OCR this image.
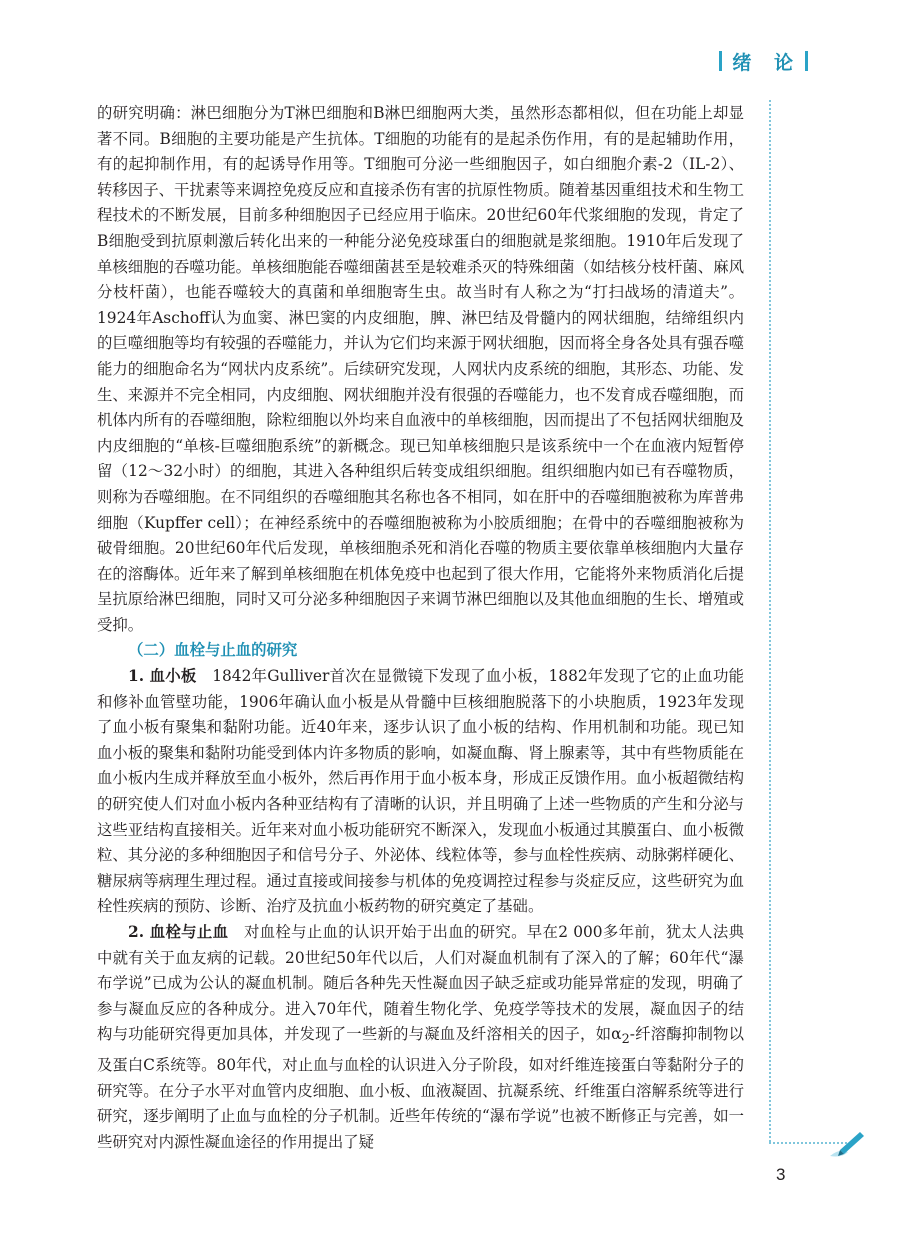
绪 论

的研究明确：淋巴细胞分为T淋巴细胞和B淋巴细胞两大类，虽然形态都相似，但在功能上却显著不同。B细胞的主要功能是产生抗体。T细胞的功能有的是起杀伤作用，有的是起辅助作用，有的起抑制作用，有的起诱导作用等。T细胞可分泌一些细胞因子，如白细胞介素-2（IL-2）、转移因子、干扰素等来调控免疫反应和直接杀伤有害的抗原性物质。随着基因重组技术和生物工程技术的不断发展，目前多种细胞因子已经应用于临床。20世纪60年代浆细胞的发现，肯定了B细胞受到抗原刺激后转化出来的一种能分泌免疫球蛋白的细胞就是浆细胞。1910年后发现了单核细胞的吞噬功能。单核细胞能吞噬细菌甚至是较难杀灭的特殊细菌（如结核分枝杆菌、麻风分枝杆菌），也能吞噬较大的真菌和单细胞寄生虫。故当时有人称之为“打扫战场的清道夫”。1924年Aschoff认为血窦、淋巴窦的内皮细胞，脾、淋巴结及骨髓内的网状细胞，结缔组织内的巨噬细胞等均有较强的吞噬能力，并认为它们均来源于网状细胞，因而将全身各处具有强吞噬能力的细胞命名为“网状内皮系统”。后续研究发现，人网状内皮系统的细胞，其形态、功能、发生、来源并不完全相同，内皮细胞、网状细胞并没有很强的吞噬能力，也不发育成吞噬细胞，而机体内所有的吞噬细胞，除粒细胞以外均来自血液中的单核细胞，因而提出了不包括网状细胞及内皮细胞的“单核-巨噬细胞系统”的新概念。现已知单核细胞只是该系统中一个在血液内短暂停留（12～32小时）的细胞，其进入各种组织后转变成组织细胞。组织细胞内如已有吞噬物质，则称为吞噬细胞。在不同组织的吞噬细胞其名称也各不相同，如在肝中的吞噬细胞被称为库普弗细胞（Kupffer cell）；在神经系统中的吞噬细胞被称为小胶质细胞；在骨中的吞噬细胞被称为破骨细胞。20世纪60年代后发现，单核细胞杀死和消化吞噬的物质主要依靠单核细胞内大量存在的溶酶体。近年来了解到单核细胞在机体免疫中也起到了很大作用，它能将外来物质消化后提呈抗原给淋巴细胞，同时又可分泌多种细胞因子来调节淋巴细胞以及其他血细胞的生长、增殖或受抑。

（二）血栓与止血的研究

1. 血小板　1842年Gulliver首次在显微镜下发现了血小板，1882年发现了它的止血功能和修补血管壁功能，1906年确认血小板是从骨髓中巨核细胞脱落下的小块胞质，1923年发现了血小板有聚集和黏附功能。近40年来，逐步认识了血小板的结构、作用机制和功能。现已知血小板的聚集和黏附功能受到体内许多物质的影响，如凝血酶、肾上腺素等，其中有些物质能在血小板内生成并释放至血小板外，然后再作用于血小板本身，形成正反馈作用。血小板超微结构的研究使人们对血小板内各种亚结构有了清晰的认识，并且明确了上述一些物质的产生和分泌与这些亚结构直接相关。近年来对血小板功能研究不断深入，发现血小板通过其膜蛋白、血小板微粒、其分泌的多种细胞因子和信号分子、外泌体、线粒体等，参与血栓性疾病、动脉粥样硬化、糖尿病等病理生理过程。通过直接或间接参与机体的免疫调控过程参与炎症反应，这些研究为血栓性疾病的预防、诊断、治疗及抗血小板药物的研究奠定了基础。

2. 血栓与止血　对血栓与止血的认识开始于出血的研究。早在2 000多年前，犹太人法典中就有关于血友病的记载。20世纪50年代以后，人们对凝血机制有了深入的了解；60年代“瀑布学说”已成为公认的凝血机制。随后各种先天性凝血因子缺乏症或功能异常症的发现，明确了参与凝血反应的各种成分。进入70年代，随着生物化学、免疫学等技术的发展，凝血因子的结构与功能研究得更加具体，并发现了一些新的与凝血及纤溶相关的因子，如$\alpha_2-$纤溶酶抑制物以及蛋白C系统等。80年代，对止血与血栓的认识进入分子阶段，如对纤维连接蛋白等黏附分子的研究等。在分子水平对血管内皮细胞、血小板、血液凝固、抗凝系统、纤维蛋白溶解系统等进行研究，逐步阐明了止血与血栓的分子机制。近些年传统的“瀑布学说”也被不断修正与完善，如一些研究对内源性凝血途径的作用提出了疑

3
